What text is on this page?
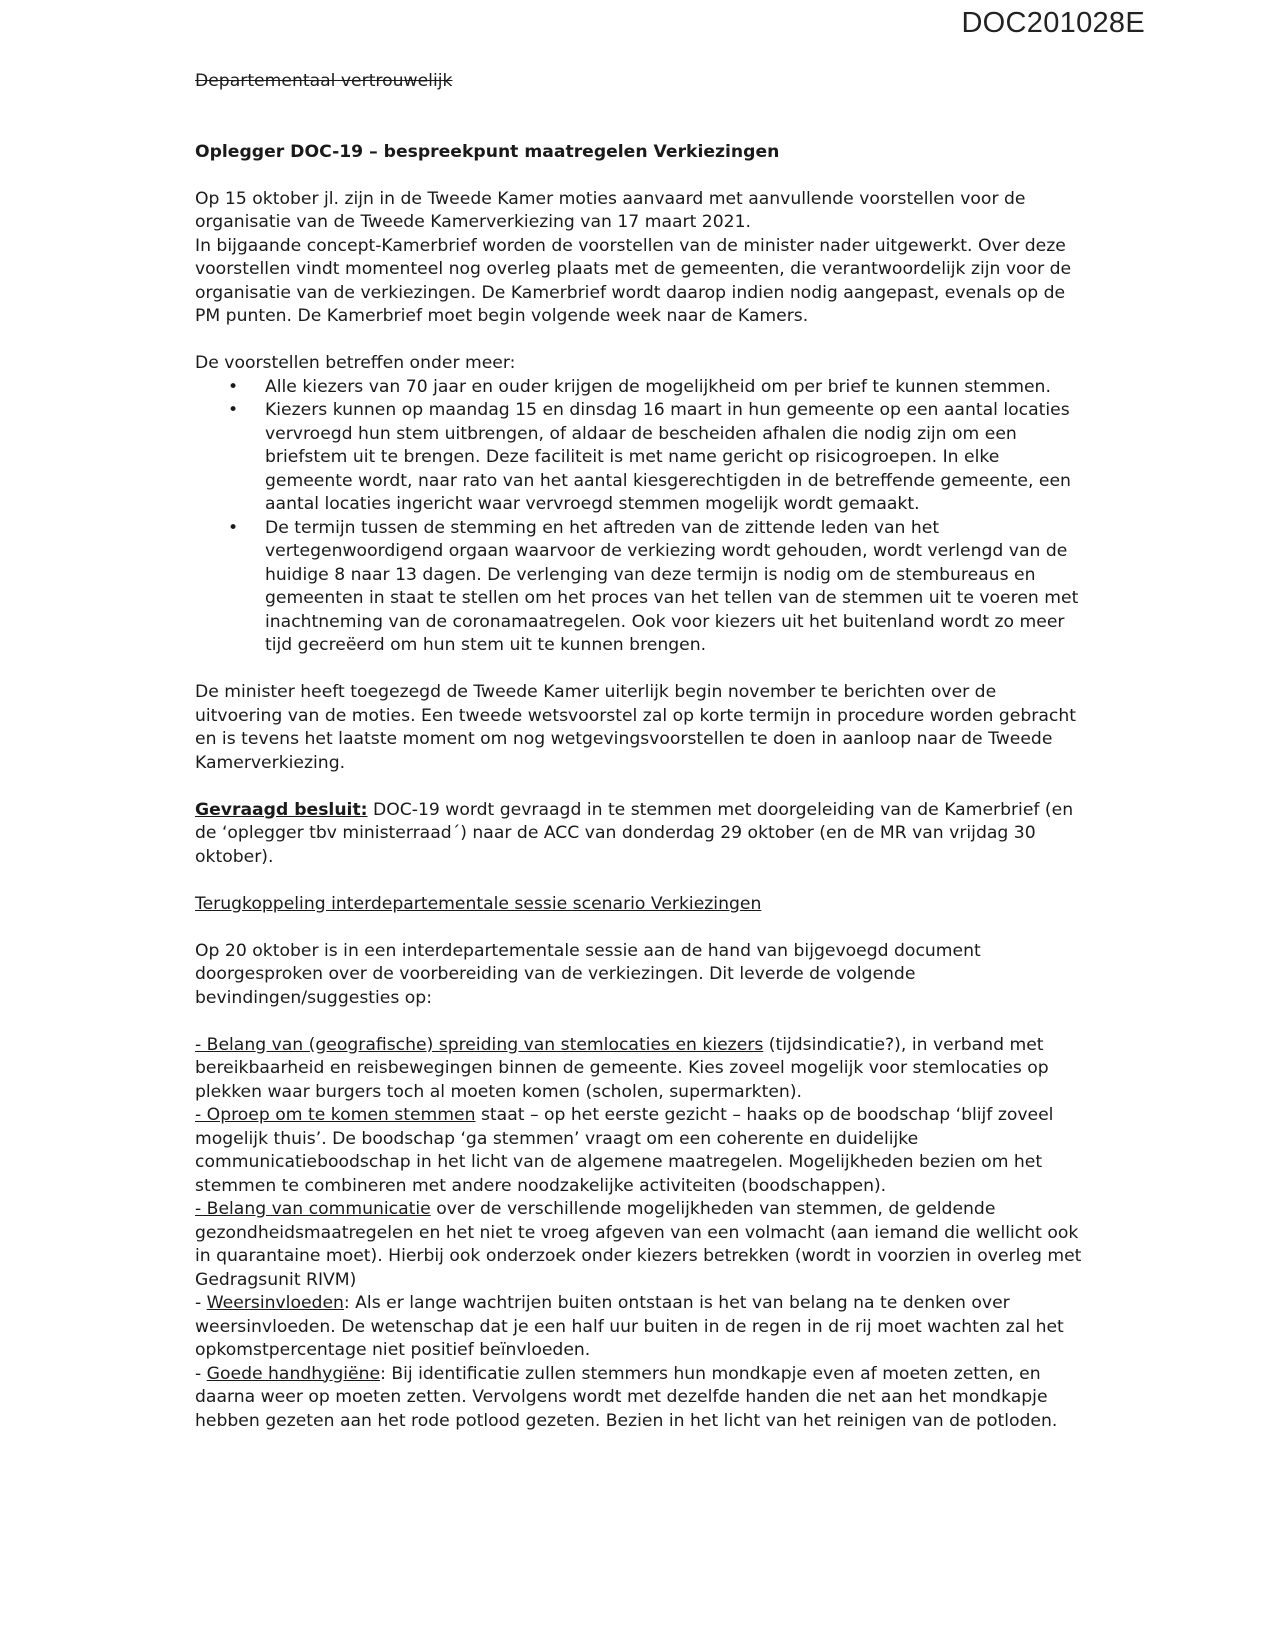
DOC201028E

Departementaal vertrouwelijk

Oplegger DOC-19 – bespreekpunt maatregelen Verkiezingen

Op 15 oktober jl. zijn in de Tweede Kamer moties aanvaard met aanvullende voorstellen voor de organisatie van de Tweede Kamerverkiezing van 17 maart 2021.

In bijgaande concept-Kamerbrief worden de voorstellen van de minister nader uitgewerkt. Over deze voorstellen vindt momenteel nog overleg plaats met de gemeenten, die verantwoordelijk zijn voor de organisatie van de verkiezingen. De Kamerbrief wordt daarop indien nodig aangepast, evenals op de PM punten. De Kamerbrief moet begin volgende week naar de Kamers.

De voorstellen betreffen onder meer:

• Alle kiezers van 70 jaar en ouder krijgen de mogelijkheid om per brief te kunnen stemmen.
• Kiezers kunnen op maandag 15 en dinsdag 16 maart in hun gemeente op een aantal locaties vervroegd hun stem uitbrengen, of aldaar de bescheiden afhalen die nodig zijn om een briefstem uit te brengen. Deze faciliteit is met name gericht op risicogroepen. In elke gemeente wordt, naar rato van het aantal kiesgerechtigden in de betreffende gemeente, een aantal locaties ingericht waar vervroegd stemmen mogelijk wordt gemaakt.
• De termijn tussen de stemming en het aftreden van de zittende leden van het vertegenwoordigend orgaan waarvoor de verkiezing wordt gehouden, wordt verlengd van de huidige 8 naar 13 dagen. De verlenging van deze termijn is nodig om de stembureaus en gemeenten in staat te stellen om het proces van het tellen van de stemmen uit te voeren met inachtneming van de coronamaatregelen. Ook voor kiezers uit het buitenland wordt zo meer tijd gecreëerd om hun stem uit te kunnen brengen.

De minister heeft toegezegd de Tweede Kamer uiterlijk begin november te berichten over de uitvoering van de moties. Een tweede wetsvoorstel zal op korte termijn in procedure worden gebracht en is tevens het laatste moment om nog wetgevingsvoorstellen te doen in aanloop naar de Tweede Kamerverkiezing.

Gevraagd besluit: DOC-19 wordt gevraagd in te stemmen met doorgeleiding van de Kamerbrief (en de ‘oplegger tbv ministerraad´) naar de ACC van donderdag 29 oktober (en de MR van vrijdag 30 oktober).

Terugkoppeling interdepartementale sessie scenario Verkiezingen

Op 20 oktober is in een interdepartementale sessie aan de hand van bijgevoegd document doorgesproken over de voorbereiding van de verkiezingen. Dit leverde de volgende bevindingen/suggesties op:

- Belang van (geografische) spreiding van stemlocaties en kiezers (tijdsindicatie?), in verband met bereikbaarheid en reisbewegingen binnen de gemeente. Kies zoveel mogelijk voor stemlocaties op plekken waar burgers toch al moeten komen (scholen, supermarkten).

- Oproep om te komen stemmen staat – op het eerste gezicht – haaks op de boodschap ‘blijf zoveel mogelijk thuis’. De boodschap ‘ga stemmen’ vraagt om een coherente en duidelijke communicatieboodschap in het licht van de algemene maatregelen. Mogelijkheden bezien om het stemmen te combineren met andere noodzakelijke activiteiten (boodschappen).

- Belang van communicatie over de verschillende mogelijkheden van stemmen, de geldende gezondheidsmaatregelen en het niet te vroeg afgeven van een volmacht (aan iemand die wellicht ook in quarantaine moet). Hierbij ook onderzoek onder kiezers betrekken (wordt in voorzien in overleg met Gedragsunit RIVM)

- Weersinvloeden: Als er lange wachtrijen buiten ontstaan is het van belang na te denken over weersinvloeden. De wetenschap dat je een half uur buiten in de regen in de rij moet wachten zal het opkomstpercentage niet positief beïnvloeden.

- Goede handhygiëne: Bij identificatie zullen stemmers hun mondkapje even af moeten zetten, en daarna weer op moeten zetten. Vervolgens wordt met dezelfde handen die net aan het mondkapje hebben gezeten aan het rode potlood gezeten. Bezien in het licht van het reinigen van de potloden.
